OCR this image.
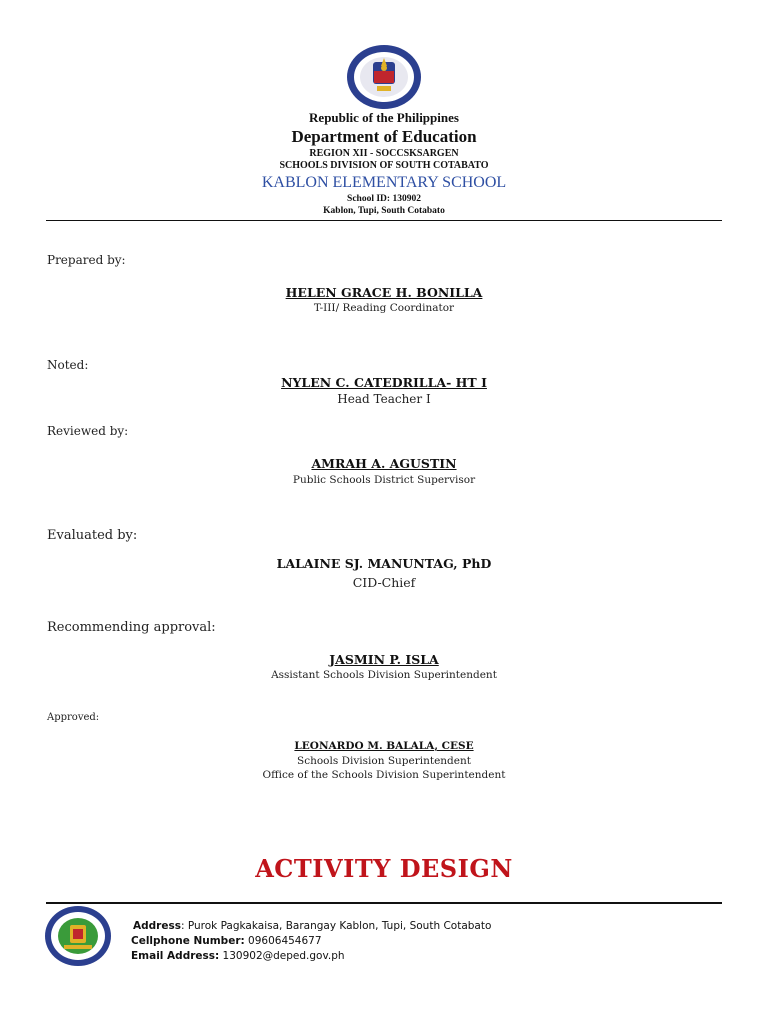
Republic of the Philippines
Department of Education
REGION XII - SOCCSKSARGEN
SCHOOLS DIVISION OF SOUTH COTABATO
KABLON ELEMENTARY SCHOOL
School ID: 130902
Kablon, Tupi, South Cotabato
Prepared by:
HELEN GRACE H. BONILLA
T-III/ Reading Coordinator
Noted:
NYLEN C. CATEDRILLA- HT I
Head Teacher I
Reviewed by:
AMRAH A. AGUSTIN
Public Schools District Supervisor
Evaluated by:
LALAINE SJ. MANUNTAG, PhD
CID-Chief
Recommending approval:
JASMIN P. ISLA
Assistant Schools Division Superintendent
Approved:
LEONARDO M. BALALA, CESE
Schools Division Superintendent
Office of the Schools Division Superintendent
ACTIVITY DESIGN
Address: Purok Pagkakaisa, Barangay Kablon, Tupi, South Cotabato
Cellphone Number: 09606454677
Email Address: 130902@deped.gov.ph
